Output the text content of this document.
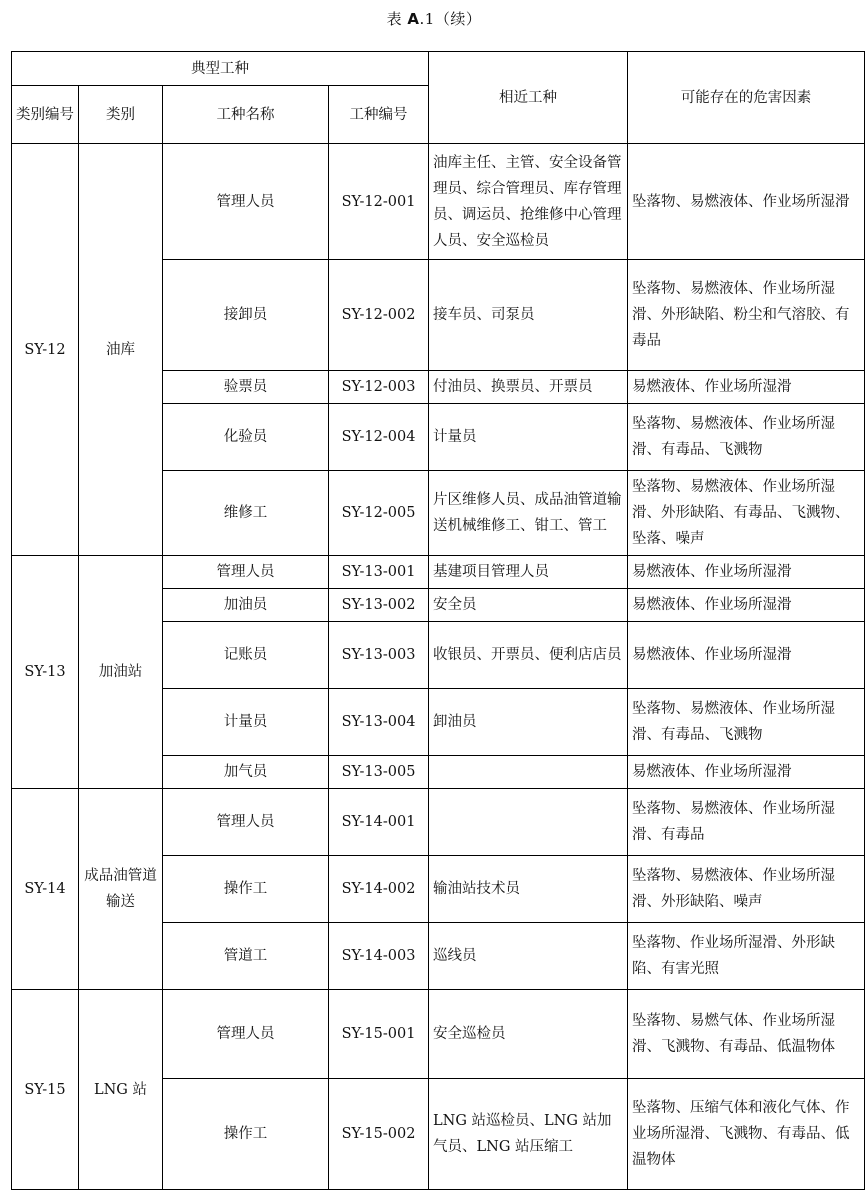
表 A.1（续）
典型工种				相近工种	可能存在的危害因素
类别编号	类别	工种名称	工种编号		
SY-12	油库	管理人员	SY-12-001	油库主任、主管、安全设备管理员、综合管理员、库存管理员、调运员、抢维修中心管理人员、安全巡检员	坠落物、易燃液体、作业场所湿滑
		接卸员	SY-12-002	接车员、司泵员	坠落物、易燃液体、作业场所湿滑、外形缺陷、粉尘和气溶胶、有毒品
		验票员	SY-12-003	付油员、换票员、开票员	易燃液体、作业场所湿滑
		化验员	SY-12-004	计量员	坠落物、易燃液体、作业场所湿滑、有毒品、飞溅物
		维修工	SY-12-005	片区维修人员、成品油管道输送机械维修工、钳工、管工	坠落物、易燃液体、作业场所湿滑、外形缺陷、有毒品、飞溅物、坠落、噪声
SY-13	加油站	管理人员	SY-13-001	基建项目管理人员	易燃液体、作业场所湿滑
		加油员	SY-13-002	安全员	易燃液体、作业场所湿滑
		记账员	SY-13-003	收银员、开票员、便利店店员	易燃液体、作业场所湿滑
		计量员	SY-13-004	卸油员	坠落物、易燃液体、作业场所湿滑、有毒品、飞溅物
		加气员	SY-13-005		易燃液体、作业场所湿滑
SY-14	成品油管道输送	管理人员	SY-14-001		坠落物、易燃液体、作业场所湿滑、有毒品
		操作工	SY-14-002	输油站技术员	坠落物、易燃液体、作业场所湿滑、外形缺陷、噪声
		管道工	SY-14-003	巡线员	坠落物、作业场所湿滑、外形缺陷、有害光照
SY-15	LNG 站	管理人员	SY-15-001	安全巡检员	坠落物、易燃气体、作业场所湿滑、飞溅物、有毒品、低温物体
		操作工	SY-15-002	LNG 站巡检员、LNG 站加气员、LNG 站压缩工	坠落物、压缩气体和液化气体、作业场所湿滑、飞溅物、有毒品、低温物体
